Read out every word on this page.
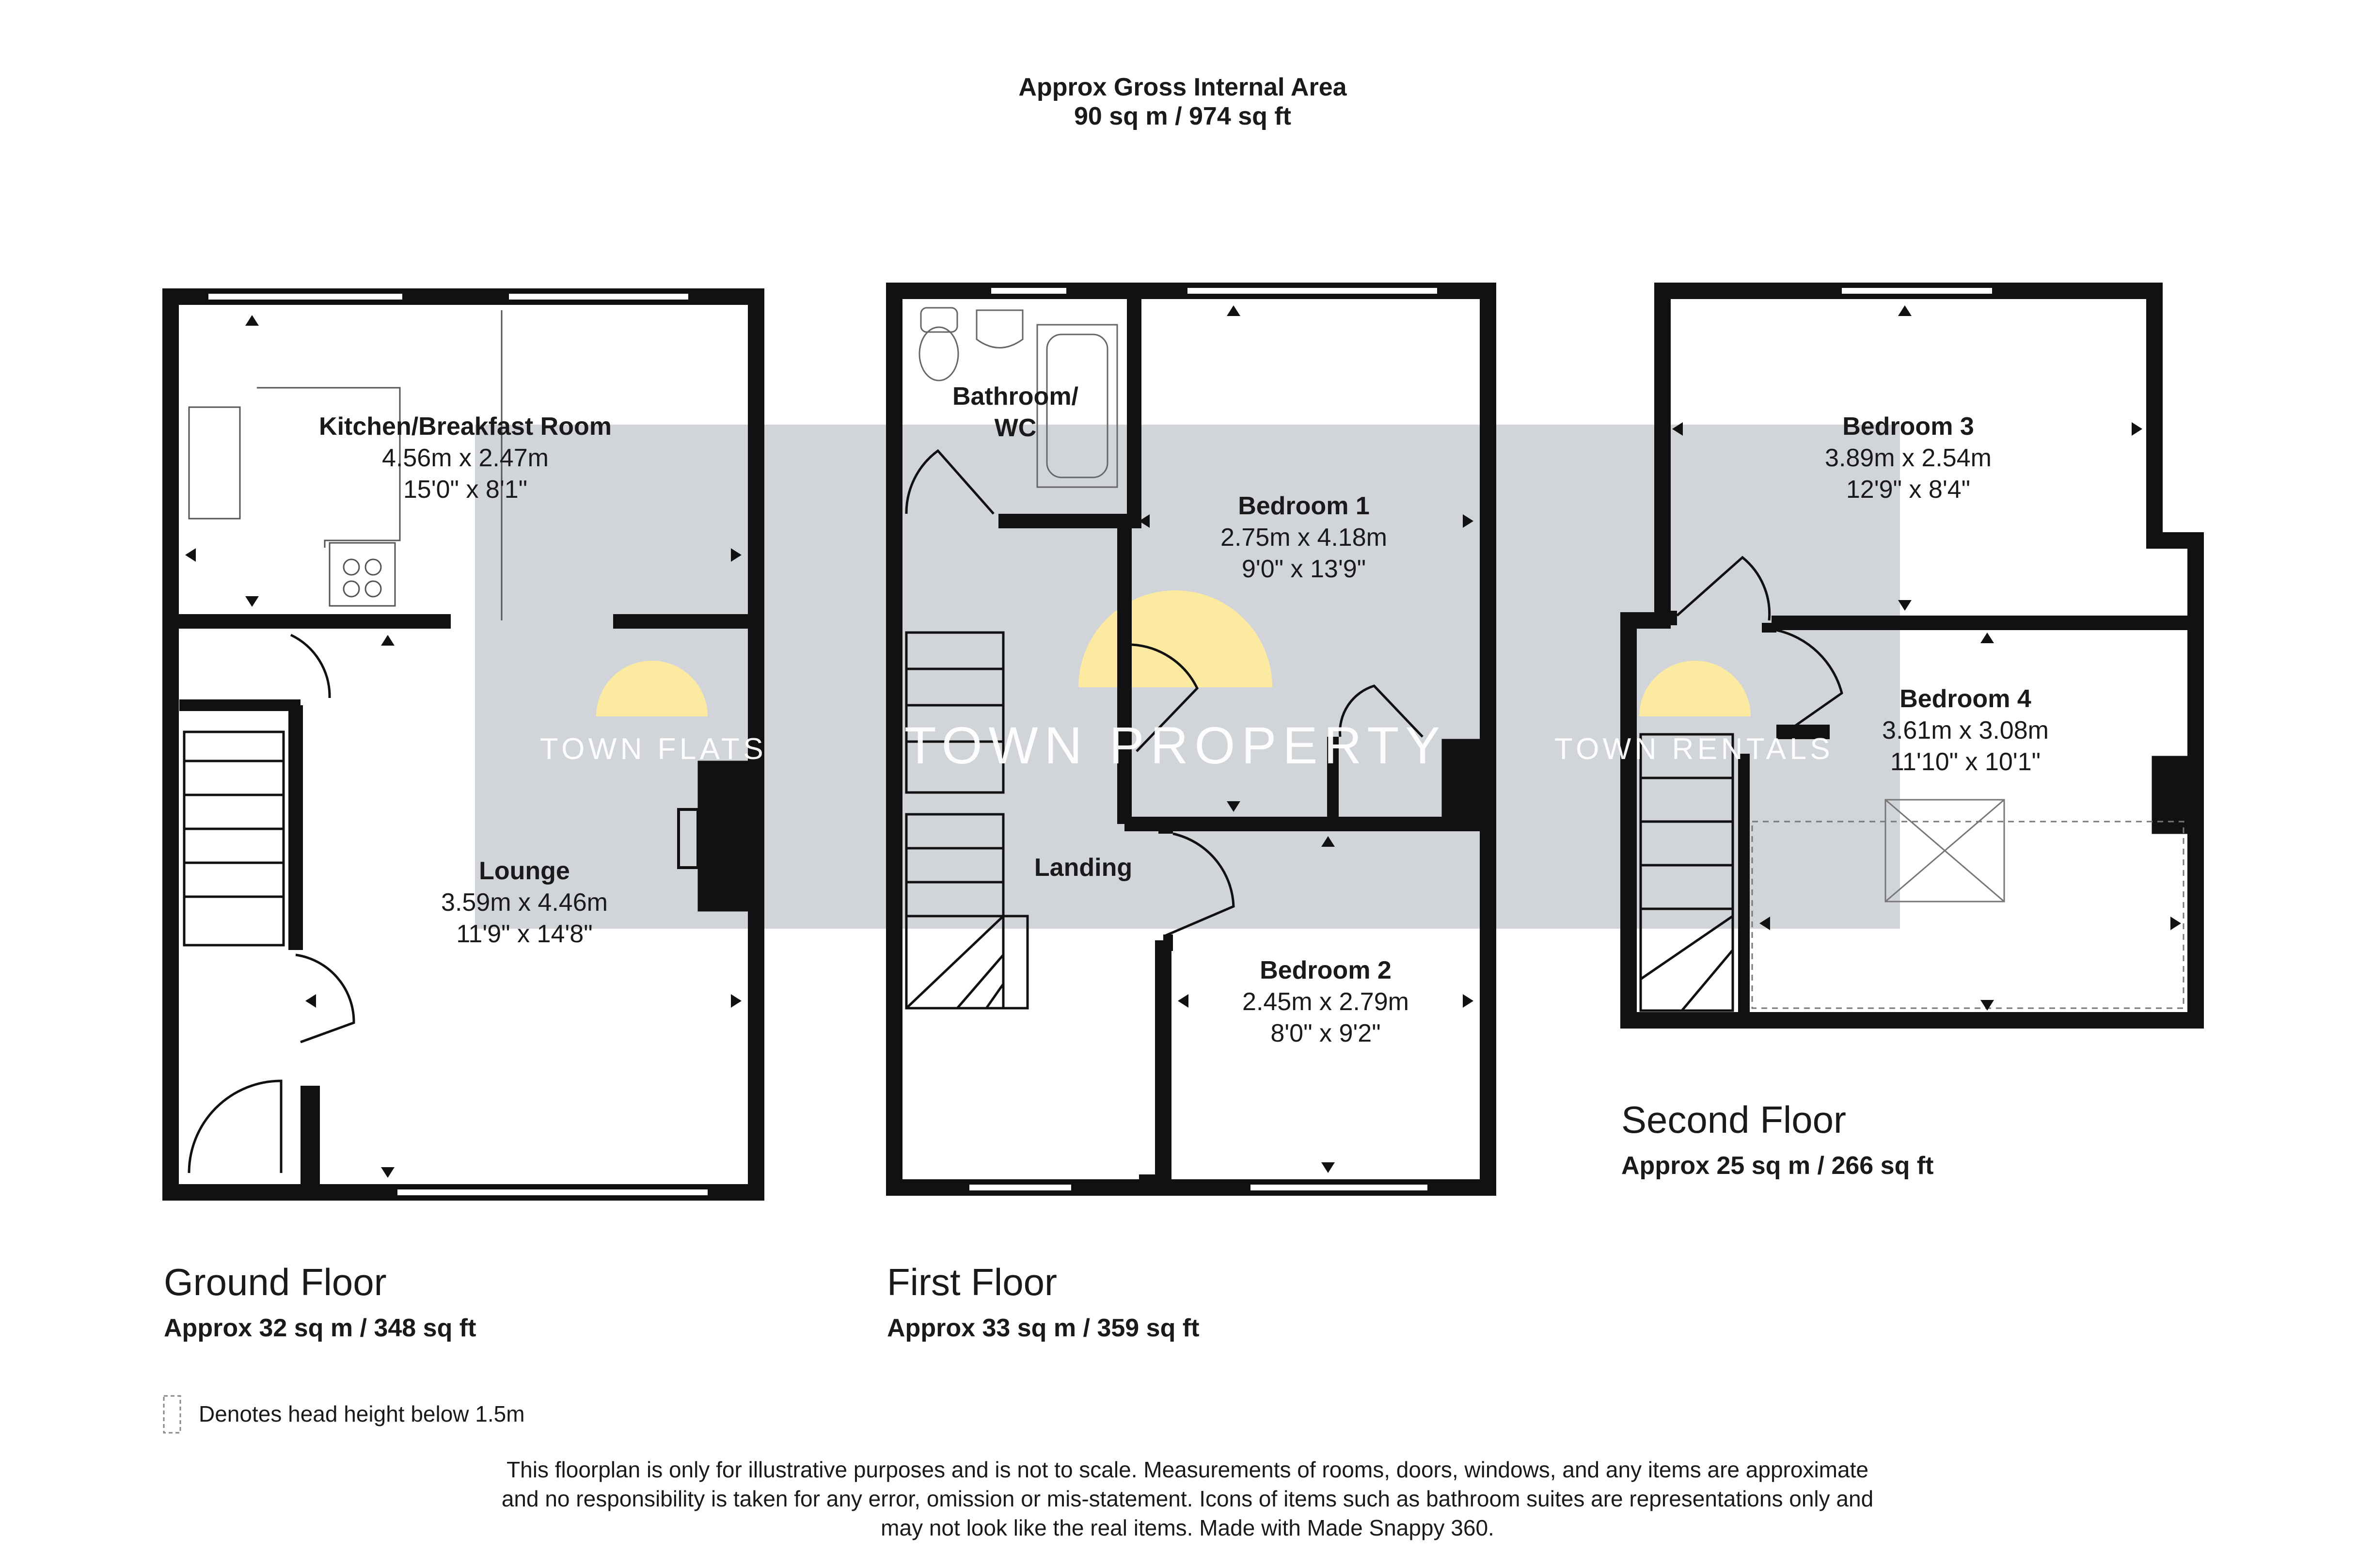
Approx Gross Internal Area
90 sq m / 974 sq ft
TOWN FLATS	TOWN PROPERTY	TOWN RENTALS
Kitchen/Breakfast Room
4.56m x 2.47m
15'0" x 8'1"
Lounge
3.59m x 4.46m
11'9" x 14'8"
Bathroom/
WC
Bedroom 1
2.75m x 4.18m
9'0" x 13'9"
Landing
Bedroom 2
2.45m x 2.79m
8'0" x 9'2"
Bedroom 3
3.89m x 2.54m
12'9" x 8'4"
Bedroom 4
3.61m x 3.08m
11'10" x 10'1"
Ground Floor
Approx 32 sq m / 348 sq ft
First Floor
Approx 33 sq m / 359 sq ft
Second Floor
Approx 25 sq m / 266 sq ft
Denotes head height below 1.5m
This floorplan is only for illustrative purposes and is not to scale. Measurements of rooms, doors, windows, and any items are approximate
and no responsibility is taken for any error, omission or mis-statement. Icons of items such as bathroom suites are representations only and
may not look like the real items. Made with Made Snappy 360.
